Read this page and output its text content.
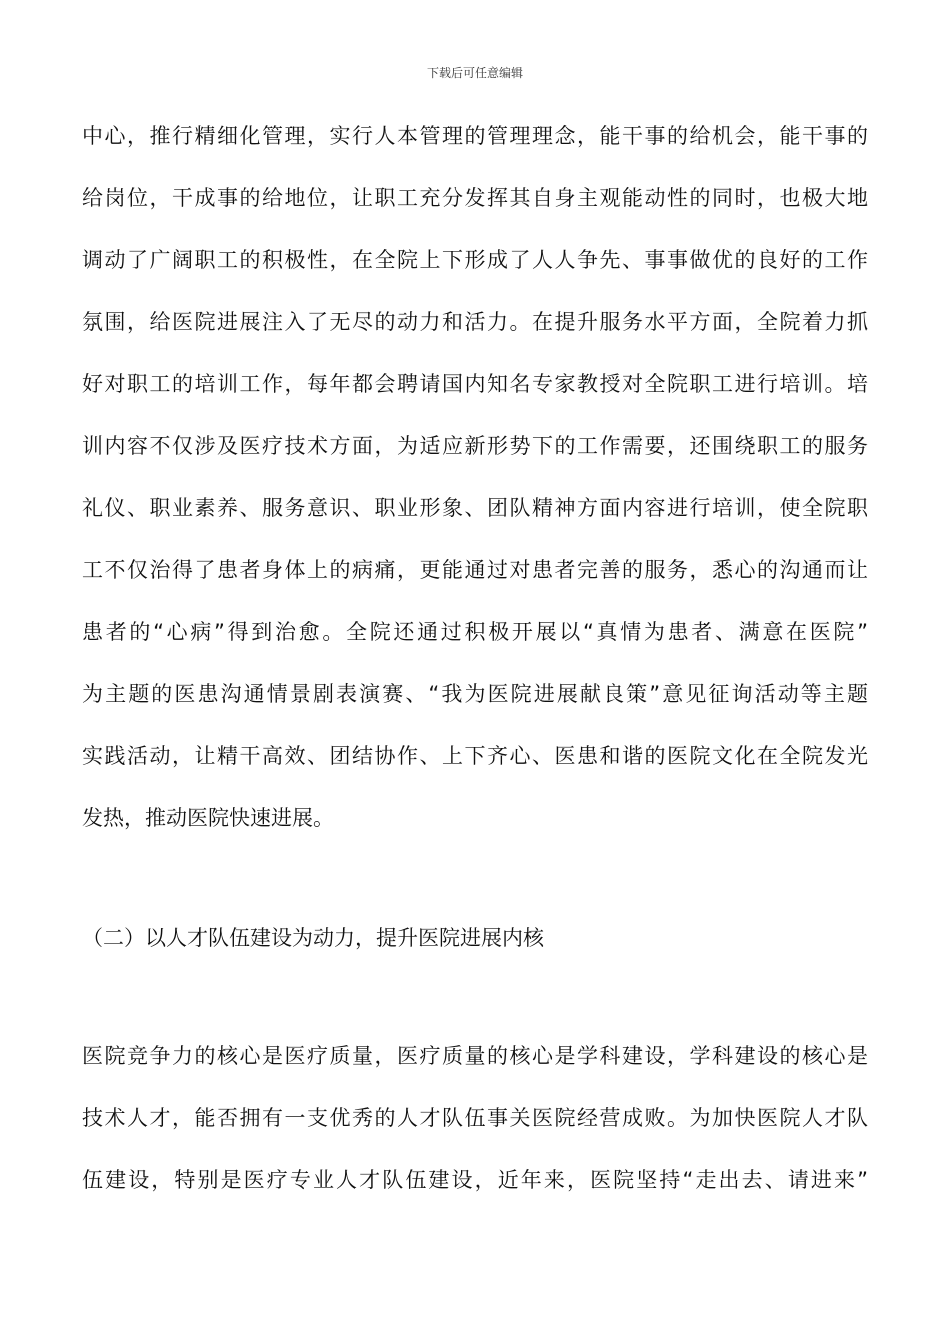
下载后可任意编辑
中心，推行精细化管理，实行人本管理的管理理念，能干事的给机会，能干事的
给岗位，干成事的给地位，让职工充分发挥其自身主观能动性的同时，也极大地
调动了广阔职工的积极性，在全院上下形成了人人争先、事事做优的良好的工作
氛围，给医院进展注入了无尽的动力和活力。在提升服务水平方面，全院着力抓
好对职工的培训工作，每年都会聘请国内知名专家教授对全院职工进行培训。培
训内容不仅涉及医疗技术方面，为适应新形势下的工作需要，还围绕职工的服务
礼仪、职业素养、服务意识、职业形象、团队精神方面内容进行培训，使全院职
工不仅治得了患者身体上的病痛，更能通过对患者完善的服务，悉心的沟通而让
患者的“心病”得到治愈。全院还通过积极开展以“真情为患者、满意在医院”
为主题的医患沟通情景剧表演赛、“我为医院进展献良策”意见征询活动等主题
实践活动，让精干高效、团结协作、上下齐心、医患和谐的医院文化在全院发光
发热，推动医院快速进展。
（二）以人才队伍建设为动力，提升医院进展内核
医院竞争力的核心是医疗质量，医疗质量的核心是学科建设，学科建设的核心是
技术人才，能否拥有一支优秀的人才队伍事关医院经营成败。为加快医院人才队
伍建设，特别是医疗专业人才队伍建设，近年来，医院坚持“走出去、请进来”
